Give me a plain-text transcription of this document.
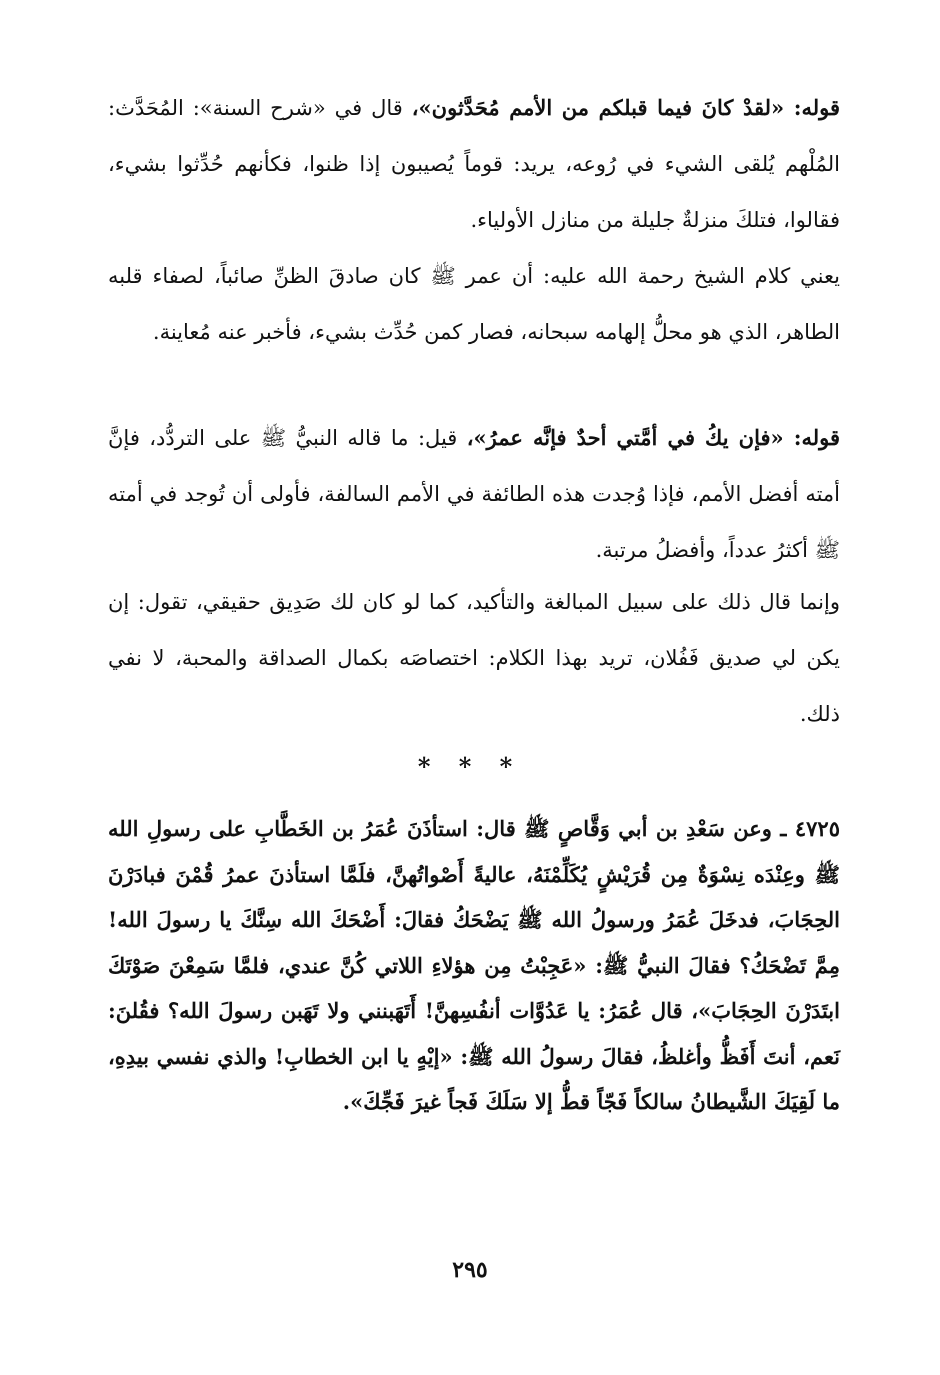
قوله: «لقدْ كانَ فيما قبلكم من الأمم مُحَدَّثون»، قال في «شرح السنة»: المُحَدَّث: المُلْهم يُلقى الشيء في رُوعه، يريد: قوماً يُصيبون إذا ظنوا، فكأنهم حُدِّثوا بشيء، فقالوا، فتلكَ منزلةٌ جليلة من منازل الأولياء.

يعني كلام الشيخ رحمة الله عليه: أن عمر ﷺ كان صادقَ الظنِّ صائباً، لصفاء قلبه الطاهر، الذي هو محلُّ إلهامه سبحانه، فصار كمن حُدِّث بشيء، فأخبر عنه مُعاينة.

قوله: «فإن يكُ في أمَّتي أحدٌ فإنَّه عمرُ»، قيل: ما قاله النبيُّ ﷺ على التردُّد، فإنَّ أمته أفضل الأمم، فإذا وُجدت هذه الطائفة في الأمم السالفة، فأولى أن تُوجد في أمته ﷺ أكثرُ عدداً، وأفضلُ مرتبة.

وإنما قال ذلك على سبيل المبالغة والتأكيد، كما لو كان لك صَدِيق حقيقي، تقول: إن يكن لي صديق فَفُلان، تريد بهذا الكلام: اختصاصَه بكمال الصداقة والمحبة، لا نفي ذلك.

* * *

٤٧٢٥ ـ وعن سَعْدِ بن أبي وَقَّاصٍ ﷺ قال: استأذَنَ عُمَرُ بن الخَطَّابِ على رسولِ الله ﷺ وعِنْدَه نِسْوَةٌ مِن قُرَيْشٍ يُكَلِّمْنَهُ، عاليةً أَصْواتُهنَّ، فلَمَّا استأذنَ عمرُ قُمْنَ فبادَرْنَ الحِجَابَ، فدخَلَ عُمَرُ ورسولُ الله ﷺ يَضْحَكُ فقالَ: أَضْحَكَ الله سِنَّكَ يا رسولَ الله! مِمَّ تَضْحَكُ؟ فقالَ النبيُّ ﷺ: «عَجِبْتُ مِن هؤلاءِ اللاتي كُنَّ عندي، فلمَّا سَمِعْنَ صَوْتَكَ ابتَدَرْنَ الحِجَابَ»، قال عُمَرُ: يا عَدُوَّات أنفُسِهنَّ! أَتَهَبنني ولا تَهَبن رسولَ الله؟ فقُلنَ: نَعم، أنتَ أَفَظُّ وأغلظُ، فقالَ رسولُ الله ﷺ: «إيْهٍ يا ابن الخطابِ! والذي نفسي بيدِهِ، ما لَقِيَكَ الشَّيطانُ سالكاً فَجّاً قطُّ إلا سَلَكَ فَجاً غيرَ فَجِّكَ».

٢٩٥
